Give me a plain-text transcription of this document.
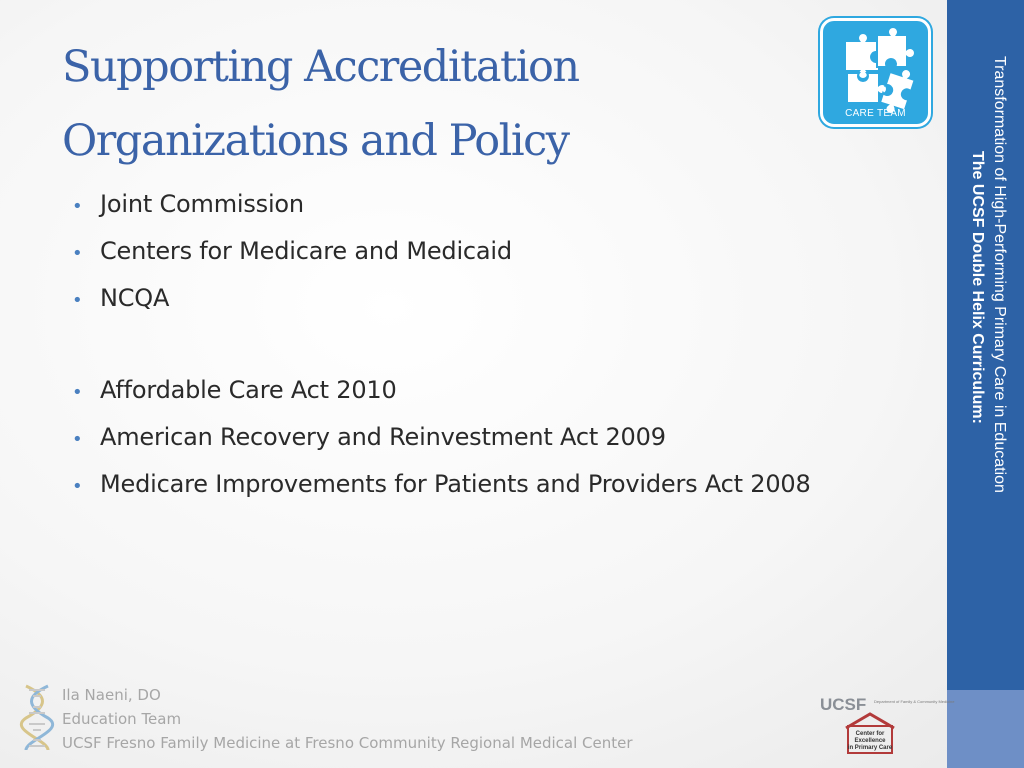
Supporting Accreditation
Organizations and Policy
• Joint Commission
• Centers for Medicare and Medicaid
• NCQA
• Affordable Care Act 2010
• American Recovery and Reinvestment Act 2009
• Medicare Improvements for Patients and Providers Act 2008
CARE TEAM	Transformation of High-Performing Primary Care in Education
The UCSF Double Helix Curriculum:
Ila Naeni, DO
Education Team
UCSF Fresno Family Medicine at Fresno Community Regional Medical Center
UCSF Department of Family & Community Medicine
Center for
Excellence
in Primary Care
